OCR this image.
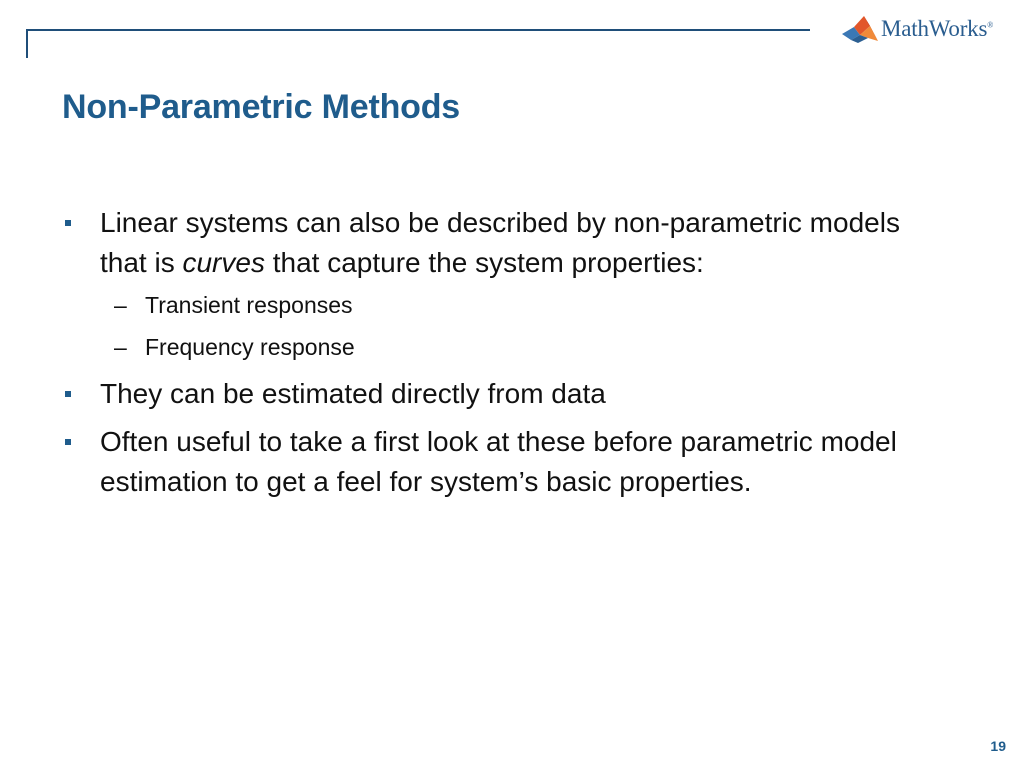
MathWorks®
Non-Parametric Methods
Linear systems can also be described by non-parametric models that is curves that capture the system properties:
– Transient responses
– Frequency response
They can be estimated directly from data
Often useful to take a first look at these before parametric model estimation to get a feel for system’s basic properties.
19
